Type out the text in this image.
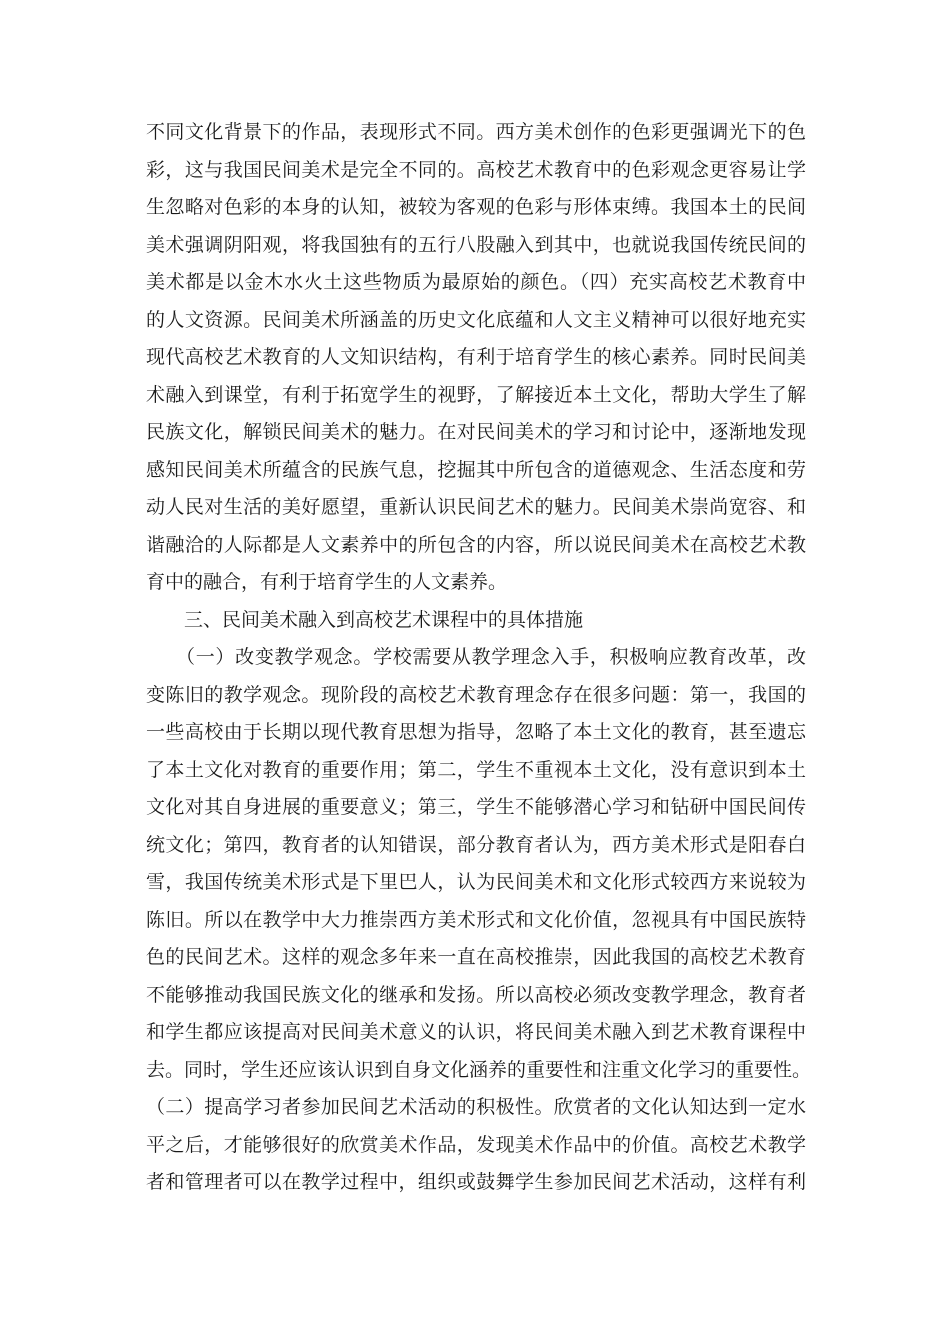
不同文化背景下的作品，表现形式不同。西方美术创作的色彩更强调光下的色
彩，这与我国民间美术是完全不同的。高校艺术教育中的色彩观念更容易让学
生忽略对色彩的本身的认知，被较为客观的色彩与形体束缚。我国本土的民间
美术强调阴阳观，将我国独有的五行八股融入到其中，也就说我国传统民间的
美术都是以金木水火土这些物质为最原始的颜色。（四）充实高校艺术教育中
的人文资源。民间美术所涵盖的历史文化底蕴和人文主义精神可以很好地充实
现代高校艺术教育的人文知识结构，有利于培育学生的核心素养。同时民间美
术融入到课堂，有利于拓宽学生的视野，了解接近本土文化，帮助大学生了解
民族文化，解锁民间美术的魅力。在对民间美术的学习和讨论中，逐渐地发现
感知民间美术所蕴含的民族气息，挖掘其中所包含的道德观念、生活态度和劳
动人民对生活的美好愿望，重新认识民间艺术的魅力。民间美术崇尚宽容、和
谐融洽的人际都是人文素养中的所包含的内容，所以说民间美术在高校艺术教
育中的融合，有利于培育学生的人文素养。
三、民间美术融入到高校艺术课程中的具体措施
（一）改变教学观念。学校需要从教学理念入手，积极响应教育改革，改
变陈旧的教学观念。现阶段的高校艺术教育理念存在很多问题：第一，我国的
一些高校由于长期以现代教育思想为指导，忽略了本土文化的教育，甚至遗忘
了本土文化对教育的重要作用；第二，学生不重视本土文化，没有意识到本土
文化对其自身进展的重要意义；第三，学生不能够潜心学习和钻研中国民间传
统文化；第四，教育者的认知错误，部分教育者认为，西方美术形式是阳春白
雪，我国传统美术形式是下里巴人，认为民间美术和文化形式较西方来说较为
陈旧。所以在教学中大力推崇西方美术形式和文化价值，忽视具有中国民族特
色的民间艺术。这样的观念多年来一直在高校推崇，因此我国的高校艺术教育
不能够推动我国民族文化的继承和发扬。所以高校必须改变教学理念，教育者
和学生都应该提高对民间美术意义的认识，将民间美术融入到艺术教育课程中
去。同时，学生还应该认识到自身文化涵养的重要性和注重文化学习的重要性。
（二）提高学习者参加民间艺术活动的积极性。欣赏者的文化认知达到一定水
平之后，才能够很好的欣赏美术作品，发现美术作品中的价值。高校艺术教学
者和管理者可以在教学过程中，组织或鼓舞学生参加民间艺术活动，这样有利
